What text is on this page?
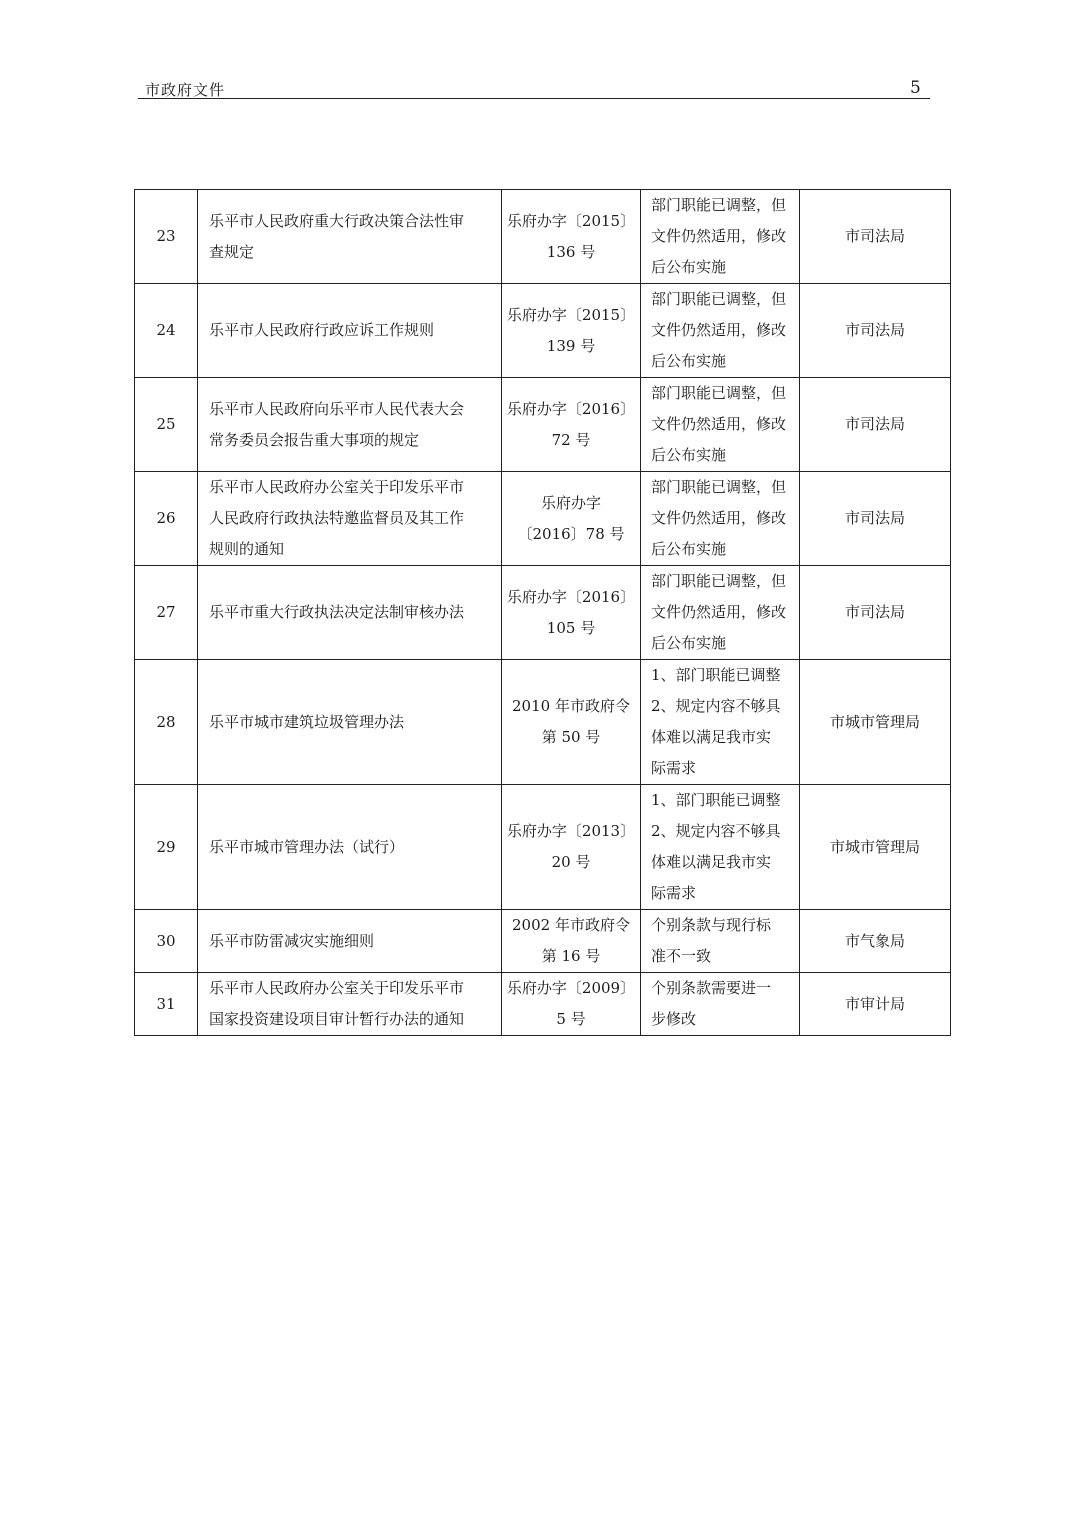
市政府文件	5
23	乐平市人民政府重大行政决策合法性审
查规定	乐府办字〔2015〕
136 号	部门职能已调整，但
文件仍然适用，修改
后公布实施	市司法局
24	乐平市人民政府行政应诉工作规则	乐府办字〔2015〕
139 号	部门职能已调整，但
文件仍然适用，修改
后公布实施	市司法局
25	乐平市人民政府向乐平市人民代表大会
常务委员会报告重大事项的规定	乐府办字〔2016〕
72 号	部门职能已调整，但
文件仍然适用，修改
后公布实施	市司法局
26	乐平市人民政府办公室关于印发乐平市
人民政府行政执法特邀监督员及其工作
规则的通知	乐府办字
〔2016〕78 号	部门职能已调整，但
文件仍然适用，修改
后公布实施	市司法局
27	乐平市重大行政执法决定法制审核办法	乐府办字〔2016〕
105 号	部门职能已调整，但
文件仍然适用，修改
后公布实施	市司法局
28	乐平市城市建筑垃圾管理办法	2010 年市政府令
第 50 号	1、部门职能已调整
2、规定内容不够具
体难以满足我市实
际需求	市城市管理局
29	乐平市城市管理办法（试行）	乐府办字〔2013〕
20 号	1、部门职能已调整
2、规定内容不够具
体难以满足我市实
际需求	市城市管理局
30	乐平市防雷减灾实施细则	2002 年市政府令
第 16 号	个别条款与现行标
准不一致	市气象局
31	乐平市人民政府办公室关于印发乐平市
国家投资建设项目审计暂行办法的通知	乐府办字〔2009〕
5 号	个别条款需要进一
步修改	市审计局
